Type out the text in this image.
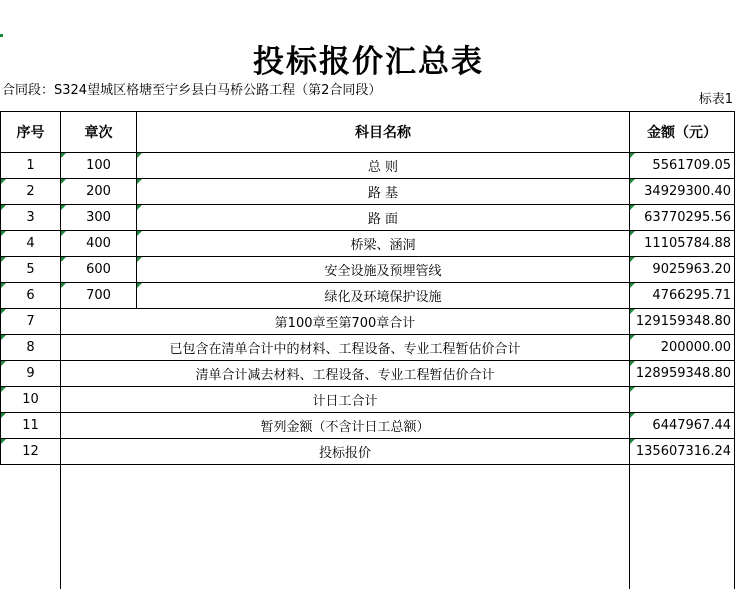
投标报价汇总表
合同段：S324望城区格塘至宁乡县白马桥公路工程（第2合同段）
标表1
序号	章次	科目名称	金额（元）
1	100	总 则	5561709.05
2	200	路 基	34929300.40
3	300	路 面	63770295.56
4	400	桥梁、涵洞	11105784.88
5	600	安全设施及预埋管线	9025963.20
6	700	绿化及环境保护设施	4766295.71
7	第100章至第700章合计		129159348.80
8	已包含在清单合计中的材料、工程设备、专业工程暂估价合计		200000.00
9	清单合计减去材料、工程设备、专业工程暂估价合计		128959348.80
10	计日工合计		
11	暂列金额（不含计日工总额）		6447967.44
12	投标报价		135607316.24
